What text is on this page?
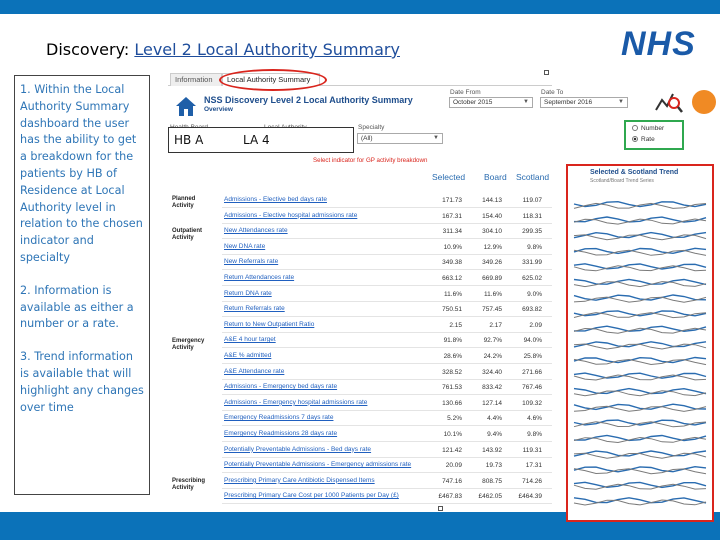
Discovery: Level 2 Local Authority Summary	NHS

1. Within the Local Authority Summary dashboard the user has the ability to get a breakdown for the patients by HB of Residence at Local Authority level in relation to the chosen indicator and specialty

2. Information is available as either a number or a rate.

3. Trend information is available that will highlight any changes over time

Information	Local Authority Summary
NSS Discovery Level 2 Local Authority Summary
Overview
Date From
October 2015	▼
Specialty
(All)	▼
HB A	LA 4
Select indicator for GP activity breakdown
Selected Board Scotland
Planned Activity
Outpatient Activity
Emergency Activity
Prescribing Activity
Admissions - Elective bed days rate	171.73	144.13	119.07
Admissions - Elective hospital admissions rate	167.31	154.40	118.31
New Attendances rate	311.34	304.10	299.35
New DNA rate	10.9%	12.9%	9.8%
New Referrals rate	349.38	349.26	331.99
Return Attendances rate	663.12	669.89	625.02
Return DNA rate	11.6%	11.6%	9.0%
Return Referrals rate	750.51	757.45	693.82
Return to New Outpatient Ratio	2.15	2.17	2.09
A&E 4 hour target	91.8%	92.7%	94.0%
A&E % admitted	28.6%	24.2%	25.8%
A&E Attendance rate	328.52	324.40	271.66
Admissions - Emergency bed days rate	761.53	833.42	767.46
Admissions - Emergency hospital admissions rate	130.66	127.14	109.32
Emergency Readmissions 7 days rate	5.2%	4.4%	4.6%
Emergency Readmissions 28 days rate	10.1%	9.4%	9.8%
Potentially Preventable Admissions - Bed days rate	121.42	143.92	119.31
Potentially Preventable Admissions - Emergency admissions rate	20.09	19.73	17.31
Prescribing Primary Care Antibiotic Dispensed Items	747.16	808.75	714.26
Prescribing Primary Care Cost per 1000 Patients per Day (£)	£467.83	£462.05	£464.39
Date To
September 2016	▼
Number
Rate
Selected & Scotland Trend
Scotland/Board Trend Series
